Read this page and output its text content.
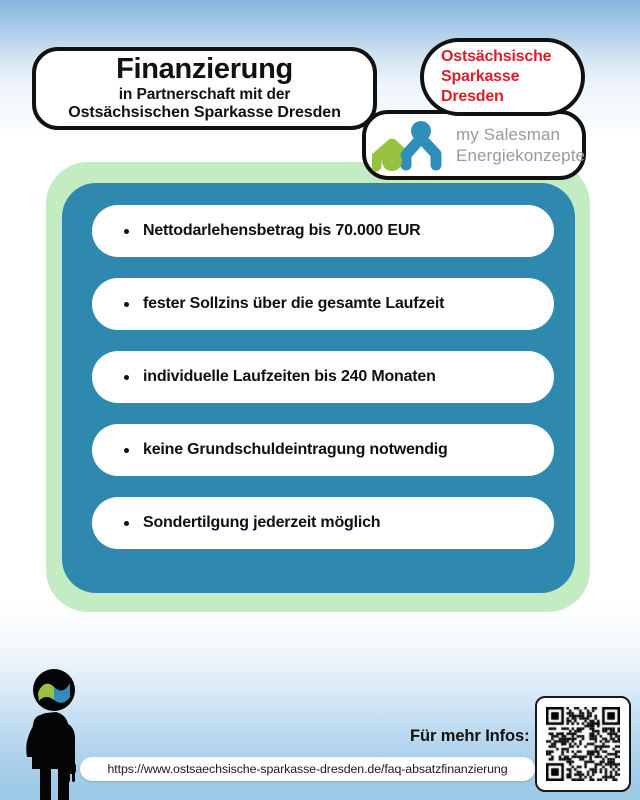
Nettodarlehensbetrag bis 70.000 EUR
fester Sollzins über die gesamte Laufzeit
individuelle Laufzeiten bis 240 Monaten
keine Grundschuldeintragung notwendig
Sondertilgung jederzeit möglich
Finanzierung
in Partnerschaft mit der
Ostsächsischen Sparkasse Dresden
Ostsächsische
Sparkasse Dresden
my Salesman
Energiekonzepte
Für mehr Infos:
https://www.ostsaechsische-sparkasse-dresden.de/faq-absatzfinanzierung
